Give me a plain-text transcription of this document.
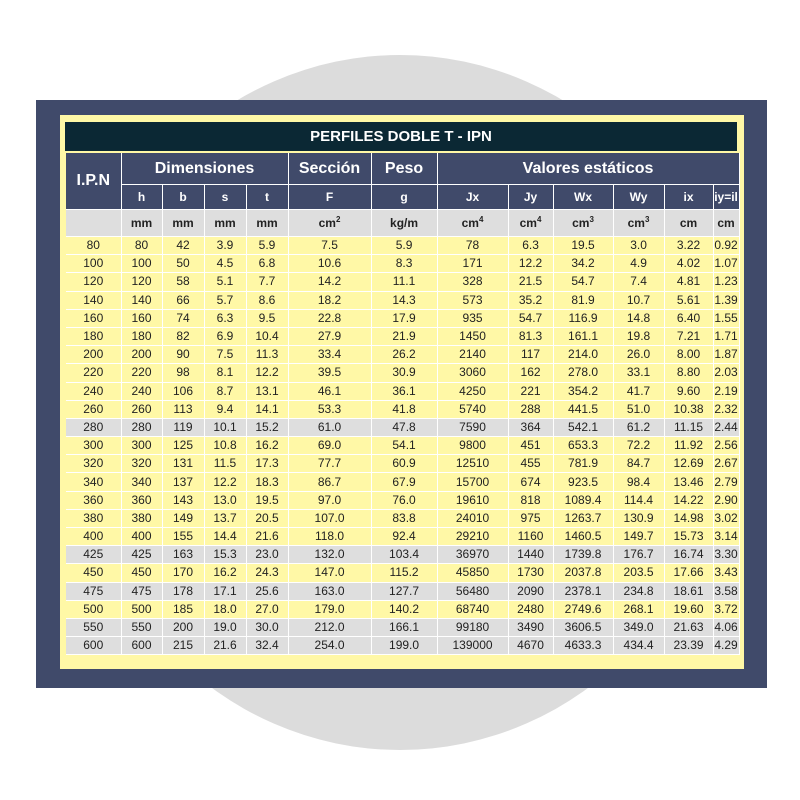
PERFILES DOBLE T - IPN
I.P.N	Dimensiones				Sección	Peso	Valores estáticos					
	h	b	s	t	F	g	Jx	Jy	Wx	Wy	ix	iy=il
	mm	mm	mm	mm	$cm^2$	kg/m	$cm^4$	$cm^4$	$cm^3$	$cm^3$	cm	cm
80	80	42	3.9	5.9	7.5	5.9	78	6.3	19.5	3.0	3.22	0.92
100	100	50	4.5	6.8	10.6	8.3	171	12.2	34.2	4.9	4.02	1.07
120	120	58	5.1	7.7	14.2	11.1	328	21.5	54.7	7.4	4.81	1.23
140	140	66	5.7	8.6	18.2	14.3	573	35.2	81.9	10.7	5.61	1.39
160	160	74	6.3	9.5	22.8	17.9	935	54.7	116.9	14.8	6.40	1.55
180	180	82	6.9	10.4	27.9	21.9	1450	81.3	161.1	19.8	7.21	1.71
200	200	90	7.5	11.3	33.4	26.2	2140	117	214.0	26.0	8.00	1.87
220	220	98	8.1	12.2	39.5	30.9	3060	162	278.0	33.1	8.80	2.03
240	240	106	8.7	13.1	46.1	36.1	4250	221	354.2	41.7	9.60	2.19
260	260	113	9.4	14.1	53.3	41.8	5740	288	441.5	51.0	10.38	2.32
280	280	119	10.1	15.2	61.0	47.8	7590	364	542.1	61.2	11.15	2.44
300	300	125	10.8	16.2	69.0	54.1	9800	451	653.3	72.2	11.92	2.56
320	320	131	11.5	17.3	77.7	60.9	12510	455	781.9	84.7	12.69	2.67
340	340	137	12.2	18.3	86.7	67.9	15700	674	923.5	98.4	13.46	2.79
360	360	143	13.0	19.5	97.0	76.0	19610	818	1089.4	114.4	14.22	2.90
380	380	149	13.7	20.5	107.0	83.8	24010	975	1263.7	130.9	14.98	3.02
400	400	155	14.4	21.6	118.0	92.4	29210	1160	1460.5	149.7	15.73	3.14
425	425	163	15.3	23.0	132.0	103.4	36970	1440	1739.8	176.7	16.74	3.30
450	450	170	16.2	24.3	147.0	115.2	45850	1730	2037.8	203.5	17.66	3.43
475	475	178	17.1	25.6	163.0	127.7	56480	2090	2378.1	234.8	18.61	3.58
500	500	185	18.0	27.0	179.0	140.2	68740	2480	2749.6	268.1	19.60	3.72
550	550	200	19.0	30.0	212.0	166.1	99180	3490	3606.5	349.0	21.63	4.06
600	600	215	21.6	32.4	254.0	199.0	139000	4670	4633.3	434.4	23.39	4.29
